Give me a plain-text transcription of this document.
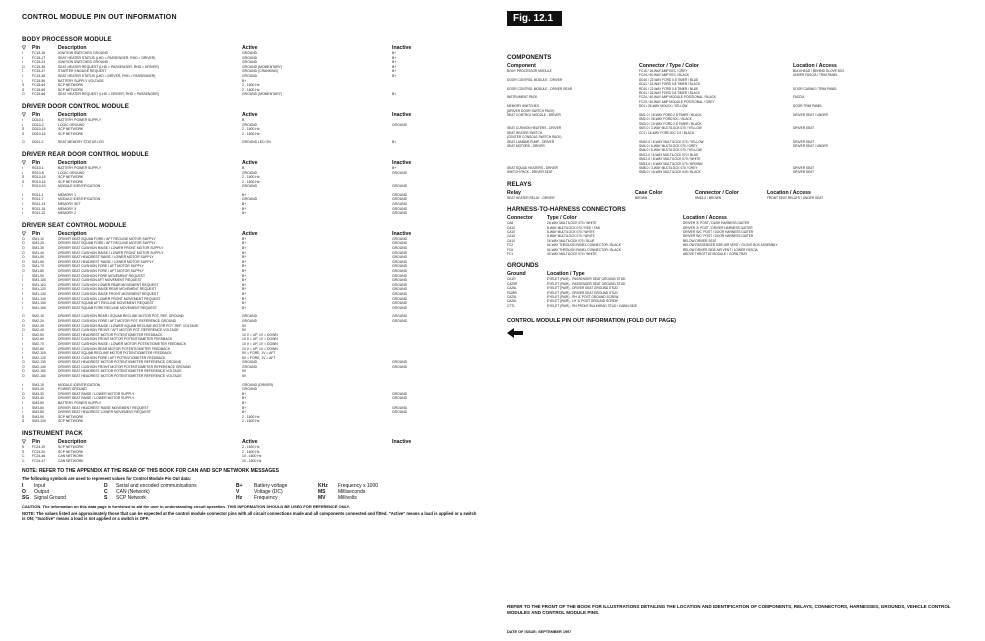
CONTROL MODULE PIN OUT INFORMATION	Fig. 12.1
BODY PROCESSOR MODULE
▽	Pin	Description	Active	Inactive
I	FC15-16	IGNITION SWITCHED GROUND	GROUND	B+
I	FC15-17	SEAT HEATER STATUS (LHD = PASSENGER, RHD = DRIVER)	GROUND	B+
I	FC15-24	IGNITION SWITCHED GROUND	GROUND	B+
O	FC15-35	SEAT HEATER REQUEST (LHD = PASSENGER, RHD = DRIVER)	GROUND (MOMENTARY)	B+
I	FC15-37	STARTER ENGAGE REQUEST	GROUND (CRANKING)	B+
I	FC15-48	SEAT HEATER STATUS (LHD = DRIVER, RHD = PASSENGER)	GROUND	B+
I	FC15-56	BATTERY SUPPLY VOLTAGE	B+
S	FC15-64	SCP NETWORK	2 - 1600 Hz
S	FC15-65	SCP NETWORK	2 - 1600 Hz
O	FC15-66	SEAT HEATER REQUEST (LHD = DRIVER, RHD = PASSENGER)	GROUND (MOMENTARY)	B+
DRIVER DOOR CONTROL MODULE
▽	Pin	Description	Active	Inactive
I	DD10-1	BATTERY POWER SUPPLY	B
I	DD10-2	LOGIC GROUND	GROUND	GROUND
S	DD10-15	SCP NETWORK	2 - 1600 Hz
S	DD10-16	SCP NETWORK	2 - 1600 Hz
O	DD11-2	SEAT MEMORY STATUS LED	GROUND LED ON	B+
DRIVER REAR DOOR CONTROL MODULE
▽	Pin	Description	Active	Inactive
I	RD10-1	BATTERY POWER SUPPLY	B	B+
I	RD10-8	LOGIC GROUND	GROUND	GROUND
S	RD10-15	SCP NETWORK	2 - 1600 Hz
S	RD10-16	SCP NETWORK	2 - 1600 Hz
I	RD10-19	MODULE IDENTIFICATION	GROUND	GROUND
I	RD11-1	MEMORY 1	B+	GROUND
I	RD11-7	MODULE IDENTIFICATION	GROUND	GROUND
I	RD11-13	MEMORY SET	B+	GROUND
I	RD11-15	MEMORY 3	B+	GROUND
I	RD11-22	MEMORY 2	B+	GROUND
DRIVER SEAT CONTROL MODULE
▽	Pin	Description	Active	Inactive
O	SM1-10	DRIVER SEAT SQUAB FORE / AFT RECLINE MOTOR SUPPLY	B+	GROUND
O	SM1-20	DRIVER SEAT SQUAB FORE / AFT RECLINE MOTOR SUPPLY	B+	GROUND
O	SM1-30	DRIVER SEAT CUSHION RAISE / LOWER FRONT MOTOR SUPPLY	B+	GROUND
O	SM1-40	DRIVER SEAT CUSHION RAISE / LOWER FRONT MOTOR SUPPLY	B+	GROUND
O	SM1-50	DRIVER SEAT HEADREST RAISE / LOWER MOTOR SUPPLY	B+	GROUND
O	SM1-60	DRIVER SEAT HEADREST RAISE / LOWER MOTOR SUPPLY	B+	GROUND
O	SM1-70	DRIVER SEAT CUSHION FORE / AFT MOTOR SUPPLY	B+	GROUND
O	SM1-80	DRIVER SEAT CUSHION FORE / AFT MOTOR SUPPLY	B+	GROUND
I	SM1-90	DRIVER SEAT CUSHION FORE MOVEMENT REQUEST	B+	GROUND
I	SM1-100	DRIVER SEAT CUSHION AFT MOVEMENT REQUEST	B+	GROUND
I	SM1-110	DRIVER SEAT CUSHION LOWER REAR MOVEMENT REQUEST	B+	GROUND
I	SM1-120	DRIVER SEAT CUSHION RAISE REAR MOVEMENT REQUEST	B+	GROUND
I	SM1-130	DRIVER SEAT CUSHION RAISE FRONT MOVEMENT REQUEST	B+	GROUND
I	SM1-140	DRIVER SEAT CUSHION LOWER FRONT MOVEMENT REQUEST	B+	GROUND
I	SM1-150	DRIVER SEAT SQUAB AFT RECLINE MOVEMENT REQUEST	B+	GROUND
I	SM1-160	DRIVER SEAT SQUAB FORE RECLINE MOVEMENT REQUEST	B+	GROUND
O	SM2-10	DRIVER SEAT CUSHION REAR / SQUAB RECLINE MOTOR POT. REF. GROUND	GROUND	GROUND
O	SM2-20	DRIVER SEAT CUSHION FORE / AFT MOTOR POT. REFERENCE GROUND	GROUND	GROUND
O	SM2-30	DRIVER SEAT CUSHION RAISE / LOWER SQUAB RECLINE MOTOR POT. REF. VOLTAGE	5V
O	SM2-40	DRIVER SEAT CUSHION FRONT / AFT MOTOR POT. REFERENCE VOLTAGE	5V
I	SM2-50	DRIVER SEAT HEADREST MOTOR POTENTIOMETER FEEDBACK	10 V = UP, 1V = DOWN
I	SM2-60	DRIVER SEAT CUSHION FRONT MOTOR POTENTIOMETER FEEDBACK	10 V = UP, 1V = DOWN
I	SM2-70	DRIVER SEAT CUSHION RAISE / LOWER MOTOR POTENTIOMETER FEEDBACK	10 V = UP, 1V = DOWN
I	SM2-80	DRIVER SEAT CUSHION REAR MOTOR POTENTIOMETER FEEDBACK	10 V = UP, 1V = DOWN
I	SM2-100	DRIVER SEAT SQUAB RECLINE MOTOR POTENTIOMETER FEEDBACK	5V = FORE, 1V = AFT
I	SM2-120	DRIVER SEAT CUSHION FORE / AFT POTENTIOMETER FEEDBACK	5V = FORE, 1V = AFT
O	SM2-130	DRIVER SEAT HEADREST MOTOR POTENTIOMETER REFERENCE GROUND	GROUND	GROUND
O	SM2-140	DRIVER SEAT CUSHION FRONT MOTOR POTENTIOMETER REFERENCE GROUND	GROUND	GROUND
O	SM2-150	DRIVER SEAT HEADREST MOTOR POTENTIOMETER REFERENCE VOLTAGE	5V
O	SM2-160	DRIVER SEAT HEADREST MOTOR POTENTIOMETER REFERENCE VOLTAGE	5V
I	SM3-10	MODULE IDENTIFICATION	GROUND (DRIVER)
I	SM3-20	POWER GROUND	GROUND
O	SM3-30	DRIVER SEAT RAISE / LOWER MOTOR SUPPLY	B+	GROUND
O	SM3-40	DRIVER SEAT RAISE / LOWER MOTOR SUPPLY	B+	GROUND
I	SM3-50	BATTERY POWER SUPPLY	B+
I	SM3-60	DRIVER SEAT HEADREST RAISE MOVEMENT REQUEST	B+	GROUND
I	SM3-80	DRIVER SEAT HEADREST LOWER MOVEMENT REQUEST	B+	GROUND
S	SM3-90	SCP NETWORK	2 - 1600 Hz
S	SM3-100	SCP NETWORK	2 - 1600 Hz
INSTRUMENT PACK
▽	Pin	Description	Active	Inactive
S	FC24-19	SCP NETWORK	2 - 1600 Hz
S	FC24-20	SCP NETWORK	2 - 1600 Hz
C	FC24-46	CAN NETWORK	10 - 1600 Hz
C	FC24-47	CAN NETWORK	10 - 1600 Hz
NOTE: REFER TO THE APPENDIX AT THE REAR OF THIS BOOK FOR CAN AND SCP NETWORK MESSAGES
The following symbols are used to represent values for Control Module Pin Out data:
I	Input	D	Serial and encoded communications	B+	Battery voltage	KHz	Frequency x 1000
O	Output	C	CAN (Network)	V	Voltage (DC)	MS	Milliseconds
SG Signal Ground	S	SCP Network	Hz	Frequency	MV	Millivolts
CAUTION. The information on this data page is furnished to aid the user in understanding circuit operation. THIS INFORMATION SHOULD BE USED FOR REFERENCE ONLY.
NOTE: The values listed are approximately those that can be expected at the control module connector pins with all circuit connections made and all components connected and fitted. "Active" means a load is applied or a switch is ON; "Inactive" means a load is not applied or a switch is OFF.
COMPONENTS
Component	Connector / Type / Color	Location / Access
BODY PROCESSOR MODULE	FC15 / 16-WAY AMP EEC / GREY	BULKHEAD / BEHIND GLOVE BOX
FC24 / 60-WAY AMP EEC / BLACK	UNDER FASCIA / TRIM PANEL
DOOR CONTROL MODULE - DRIVER	DD10 / 22-WAY FORD 0.8 TIMER / BLUE
DD11 / 22-WAY FORD 0.8 TIMER / BLACK
DOOR CONTROL MODULE - DRIVER REAR	RD10 / 22-WAY FORD 0.8 TIMER / BLUE	DOOR CASING / TRIM PANEL
RD11 / 16-WAY FORD 0.8 TIMER / BLACK
INSTRUMENT PACK	FC24 / 40-WAY AMP MODULE POSITIONAL / BLACK	FASCIA
FC23 / 40-WAY AMP MODULE POSITIONAL / GREY
MEMORY SWITCHES	DD1 / 26-WAY MOLEX / YELLOW	DOOR TRIM PANEL
(DRIVER DOOR SWITCH PACK)
SEAT CONTROL MODULE - DRIVER	SM1-0 / 16-WAY FORD 2.8 TIMER / BLACK	DRIVER SEAT / UNDER
SM2-0 / 26-WAY FORD IDC / BLACK
SM3-0 / 10-WAY FORD 2.8 TIMER / BLACK
SEAT CUSHION HEATERS - DRIVER	SM7-0 / 3-WAY MULTILOCK 070 / YELLOW	DRIVER SEAT
SEAT HEATER SWITCH	CC1 / 16-WAY FORD IDC 3.0 / BLACK
(CENTER CONSOLE SWITCH PACK)
SEAT LUMBAR PUMP - DRIVER	SM10-0 / 6-WAY MULTILOCK 070 / YELLOW	DRIVER SEAT
SEAT MOTORS - DRIVER	SM4-0 / 6-WAY MULTILOCK 070 / GREY	DRIVER SEAT / UNDER
SM6-0 / 6-WAY MULTILOCK 070 / YELLOW
SM11-0 / 6-WAY MULTILOCK 070 / BLUE
SM12-0 / 6-WAY MULTILOCK 070 / WHITE
SM13-0 / 6-WAY MULTILOCK 070 / BROWN
SEAT SQUAD HEATERS - DRIVER	SM8-0 / 3-WAY MULTILOCK 070 / GREY	DRIVER SEAT
SWITCH PACK - DRIVER SEAT	SM5-0 / 16-WAY MULTILOCK 040 / BLACK	DRIVER SEAT
RELAYS
Relay	Case Color	Connector / Color	Location / Access
SEAT HEATER RELAY - DRIVER	BROWN	SM18-0 / BROWN	FRONT SEAT RELAYS / UNDER SEAT
HARNESS-TO-HARNESS CONNECTORS
Connector	Type / Color	Location / Access
CA6	26-WAY MULTILOCK 070 / WHITE	DRIVER 'A' POST / DASH HARNESS GAITER
CA10	8-WAY MULTILOCK 070 / RED / TAB	DRIVER 'A' POST / DRIVER HARNESS GAITER
CA10	8-WAY MULTILOCK 070 / WHITE	DRIVER 'B/C' POST / DOOR HARNESS GAITER
CA15	8-WAY MULTILOCK 070 / WHITE	DRIVER 'B/C' POST / DOOR HARNESS GAITER
CA10	16-WAY MULTILOCK 070 / BLUE	BELOW DRIVER SEAT
FC2	54-WAY THROUGH PANEL CONNECTOR / BLACK	BELOW PASSENGER SIDE AIR VENT / GLOVE BOX ASSEMBLY
FC6	54-WAY THROUGH PANEL CONNECTOR / BLACK	BELOW DRIVER SIDE AIR VENT / LOWER FASCIA
FC1	40-WAY MULTILOCK 070 / WHITE	ABOVE THROTTLE MODULE / CORN TRAY
GROUNDS
Ground	Location / Type
CA1R	EYELET (PAIR) - PASSENGER SEAT GROUND STUD
CA25R	EYELET (PAIR) - PASSENGER SEAT GROUND STUD
CA26L	EYELET (PAIR) - DRIVER SEAT GROUND STUD
FA28R	EYELET (PAIR) - DRIVER SEAT GROUND STUD
CA25L	EYELET (PAIR) - RH 'A' POST GROUND SCREW
CA26L	EYELET (PAIR) - LH 'A' POST GROUND SCREW
CTTL	EYELET (PAIR) - RH FRONT BULKHEAD STUD / CABIN SIDE
CONTROL MODULE PIN OUT INFORMATION (FOLD OUT PAGE)
REFER TO THE FRONT OF THE BOOK FOR ILLUSTRATIONS DETAILING THE LOCATION AND IDENTIFICATION OF COMPONENTS, RELAYS, CONNECTORS, HARNESSES, GROUNDS, VEHICLE CONTROL MODULES AND CONTROL MODULE PINS.
DATE OF ISSUE: SEPTEMBER 1997
